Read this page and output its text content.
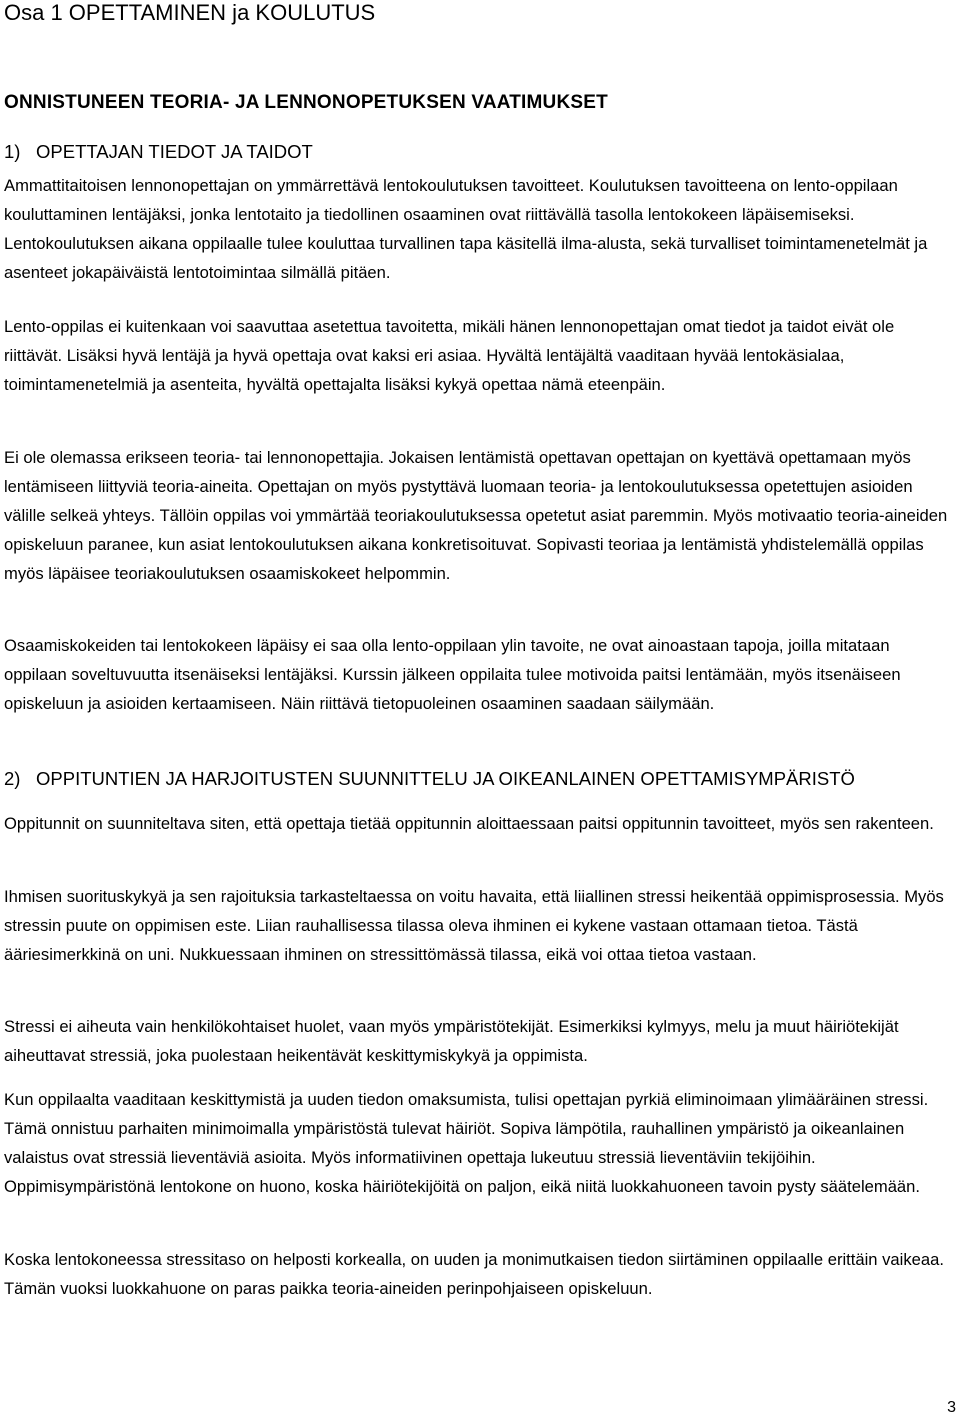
Osa 1 OPETTAMINEN ja KOULUTUS
ONNISTUNEEN TEORIA- JA LENNONOPETUKSEN VAATIMUKSET
1) OPETTAJAN TIEDOT JA TAIDOT

Ammattitaitoisen lennonopettajan on ymmärrettävä lentokoulutuksen tavoitteet. Koulutuksen tavoitteena on lento-oppilaan kouluttaminen lentäjäksi, jonka lentotaito ja tiedollinen osaaminen ovat riittävällä tasolla lentokokeen läpäisemiseksi. Lentokoulutuksen aikana oppilaalle tulee kouluttaa turvallinen tapa käsitellä ilma-alusta, sekä turvalliset toimintamenetelmät ja asenteet jokapäiväistä lentotoimintaa silmällä pitäen.

Lento-oppilas ei kuitenkaan voi saavuttaa asetettua tavoitetta, mikäli hänen lennonopettajan omat tiedot ja taidot eivät ole riittävät. Lisäksi hyvä lentäjä ja hyvä opettaja ovat kaksi eri asiaa. Hyvältä lentäjältä vaaditaan hyvää lentokäsialaa, toimintamenetelmiä ja asenteita, hyvältä opettajalta lisäksi kykyä opettaa nämä eteenpäin.

Ei ole olemassa erikseen teoria- tai lennonopettajia. Jokaisen lentämistä opettavan opettajan on kyettävä opettamaan myös lentämiseen liittyviä teoria-aineita. Opettajan on myös pystyttävä luomaan teoria- ja lentokoulutuksessa opetettujen asioiden välille selkeä yhteys. Tällöin oppilas voi ymmärtää teoriakoulutuksessa opetetut asiat paremmin. Myös motivaatio teoria-aineiden opiskeluun paranee, kun asiat lentokoulutuksen aikana konkretisoituvat. Sopivasti teoriaa ja lentämistä yhdistelemällä oppilas myös läpäisee teoriakoulutuksen osaamiskokeet helpommin.

Osaamiskokeiden tai lentokokeen läpäisy ei saa olla lento-oppilaan ylin tavoite, ne ovat ainoastaan tapoja, joilla mitataan oppilaan soveltuvuutta itsenäiseksi lentäjäksi. Kurssin jälkeen oppilaita tulee motivoida paitsi lentämään, myös itsenäiseen opiskeluun ja asioiden kertaamiseen. Näin riittävä tietopuoleinen osaaminen saadaan säilymään.

2) OPPITUNTIEN JA HARJOITUSTEN SUUNNITTELU JA OIKEANLAINEN OPETTAMISYMPÄRISTÖ

Oppitunnit on suunniteltava siten, että opettaja tietää oppitunnin aloittaessaan paitsi oppitunnin tavoitteet, myös sen rakenteen.

Ihmisen suorituskykyä ja sen rajoituksia tarkasteltaessa on voitu havaita, että liiallinen stressi heikentää oppimisprosessia. Myös stressin puute on oppimisen este. Liian rauhallisessa tilassa oleva ihminen ei kykene vastaan ottamaan tietoa. Tästä ääriesimerkkinä on uni. Nukkuessaan ihminen on stressittömässä tilassa, eikä voi ottaa tietoa vastaan.

Stressi ei aiheuta vain henkilökohtaiset huolet, vaan myös ympäristötekijät. Esimerkiksi kylmyys, melu ja muut häiriötekijät aiheuttavat stressiä, joka puolestaan heikentävät keskittymiskykyä ja oppimista.

Kun oppilaalta vaaditaan keskittymistä ja uuden tiedon omaksumista, tulisi opettajan pyrkiä eliminoimaan ylimääräinen stressi. Tämä onnistuu parhaiten minimoimalla ympäristöstä tulevat häiriöt. Sopiva lämpötila, rauhallinen ympäristö ja oikeanlainen valaistus ovat stressiä lieventäviä asioita. Myös informatiivinen opettaja lukeutuu stressiä lieventäviin tekijöihin. Oppimisympäristönä lentokone on huono, koska häiriötekijöitä on paljon, eikä niitä luokkahuoneen tavoin pysty säätelemään.

Koska lentokoneessa stressitaso on helposti korkealla, on uuden ja monimutkaisen tiedon siirtäminen oppilaalle erittäin vaikeaa. Tämän vuoksi luokkahuone on paras paikka teoria-aineiden perinpohjaiseen opiskeluun.

3
